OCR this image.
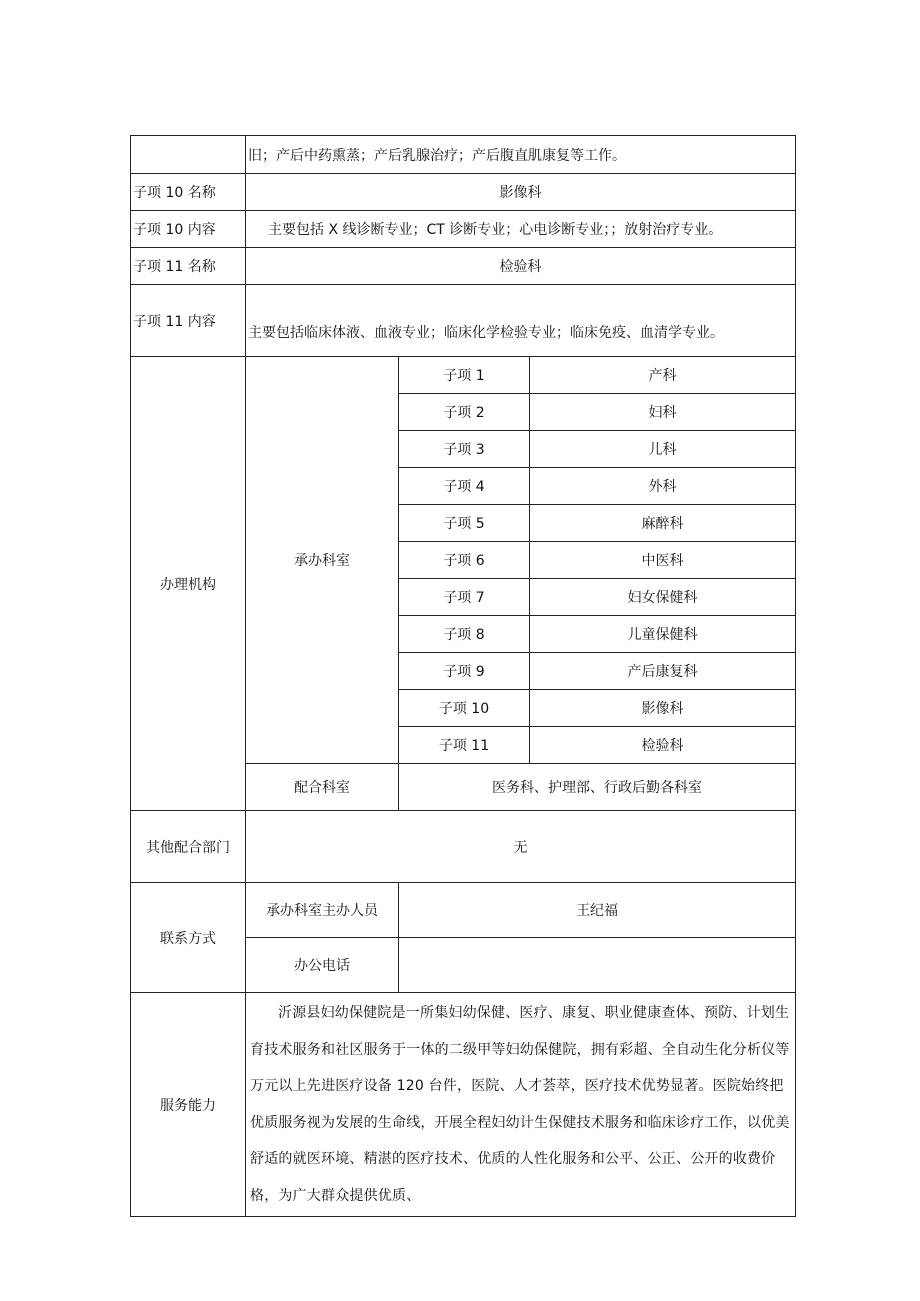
	旧；产后中药熏蒸；产后乳腺治疗；产后腹直肌康复等工作。		
子项 10 名称	影像科		
子项 10 内容	主要包括 X 线诊断专业；CT 诊断专业；心电诊断专业；；放射治疗专业。		
子项 11 名称	检验科		
子项 11 内容	主要包括临床体液、血液专业；临床化学检验专业；临床免疫、血清学专业。		
办理机构	承办科室	子项 1	产科
		子项 2	妇科
		子项 3	儿科
		子项 4	外科
		子项 5	麻醉科
		子项 6	中医科
		子项 7	妇女保健科
		子项 8	儿童保健科
		子项 9	产后康复科
		子项 10	影像科
		子项 11	检验科
	配合科室	医务科、护理部、行政后勤各科室	
其他配合部门	无		
联系方式	承办科室主办人员	王纪福	
	办公电话		
服务能力	沂源县妇幼保健院是一所集妇幼保健、医疗、康复、职业健康查体、预防、计划生育技术服务和社区服务于一体的二级甲等妇幼保健院，拥有彩超、全自动生化分析仪等万元以上先进医疗设备 120 台件，医院、人才荟萃，医疗技术优势显著。医院始终把优质服务视为发展的生命线，开展全程妇幼计生保健技术服务和临床诊疗工作，以优美舒适的就医环境、精湛的医疗技术、优质的人性化服务和公平、公正、公开的收费价格，为广大群众提供优质、		
